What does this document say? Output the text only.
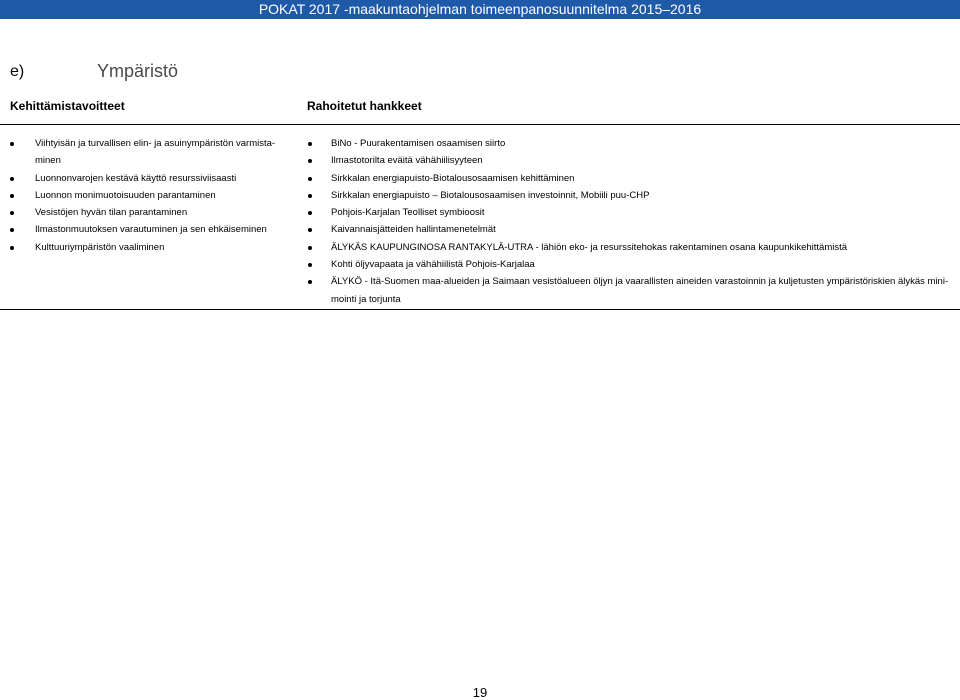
POKAT 2017 -maakuntaohjelman toimeenpanosuunnitelma 2015–2016
e)	Ympäristö
Kehittämistavoitteet	Rahoitetut hankkeet
Viihtyisän ja turvallisen elin- ja asuinympäristön varmista-
minen
Luonnonvarojen kestävä käyttö resurssiviisaasti
Luonnon monimuotoisuuden parantaminen
Vesistöjen hyvän tilan parantaminen
Ilmastonmuutoksen varautuminen ja sen ehkäiseminen
Kulttuuriympäristön vaaliminen
BiNo - Puurakentamisen osaamisen siirto
Ilmastotorilta eväitä vähähiilisyyteen
Sirkkalan energiapuisto-Biotalousosaamisen kehittäminen
Sirkkalan energiapuisto – Biotalousosaamisen investoinnit, Mobiili puu-CHP
Pohjois-Karjalan Teolliset symbioosit
Kaivannaisjätteiden hallintamenetelmät
ÄLYKÄS KAUPUNGINOSA RANTAKYLÄ-UTRA - lähiön eko- ja resurssitehokas rakentaminen osana kaupunkikehittämistä
Kohti öljyvapaata ja vähähiilistä Pohjois-Karjalaa
ÄLYKÖ - Itä-Suomen maa-alueiden ja Saimaan vesistöalueen öljyn ja vaarallisten aineiden varastoinnin ja kuljetusten ympäristöriskien älykäs mini-
mointi ja torjunta
19
